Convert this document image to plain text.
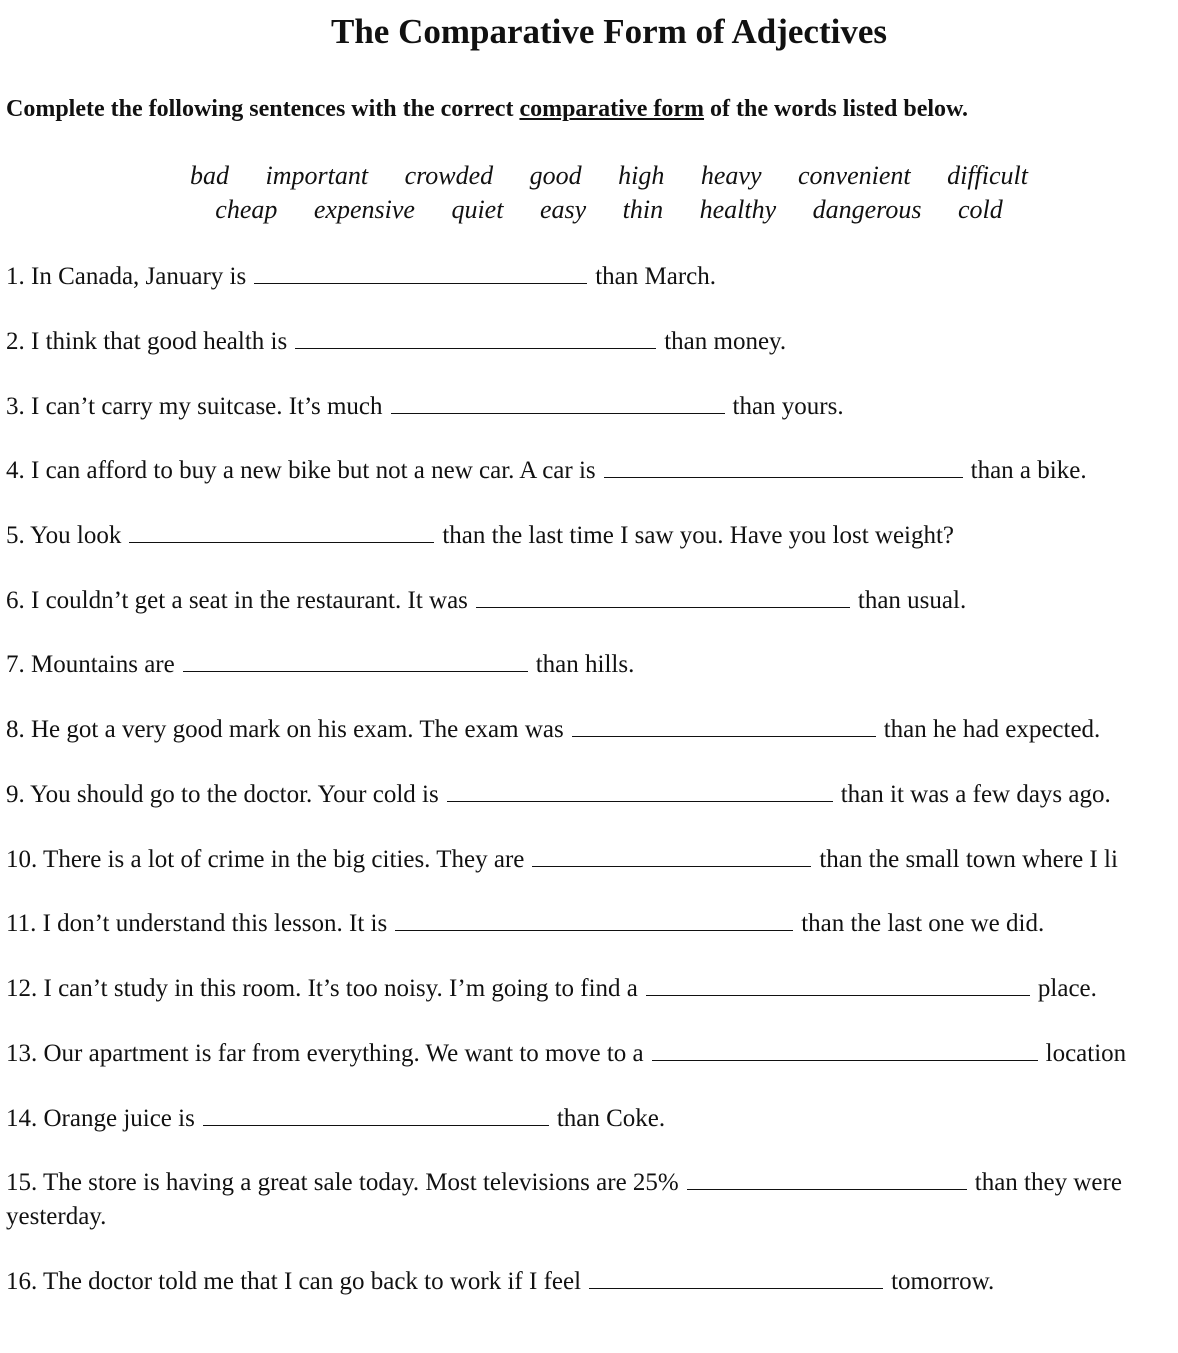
The Comparative Form of Adjectives
Complete the following sentences with the correct comparative form of the words listed below.
bad important crowded good high heavy convenient difficult
cheap expensive quiet easy thin healthy dangerous cold
1. In Canada, January is	than March.
2. I think that good health is	than money.
3. I can’t carry my suitcase. It’s much	than yours.
4. I can afford to buy a new bike but not a new car. A car is	than a bike.
5. You look	than the last time I saw you. Have you lost weight?
6. I couldn’t get a seat in the restaurant. It was	than usual.
7. Mountains are	than hills.
8. He got a very good mark on his exam. The exam was	than he had expected.
9. You should go to the doctor. Your cold is	than it was a few days ago.
10. There is a lot of crime in the big cities. They are	than the small town where I li
11. I don’t understand this lesson. It is	than the last one we did.
12. I can’t study in this room. It’s too noisy. I’m going to find a	place.
13. Our apartment is far from everything. We want to move to a	location
14. Orange juice is	than Coke.
15. The store is having a great sale today. Most televisions are 25%	than they were
yesterday.
16. The doctor told me that I can go back to work if I feel	tomorrow.
